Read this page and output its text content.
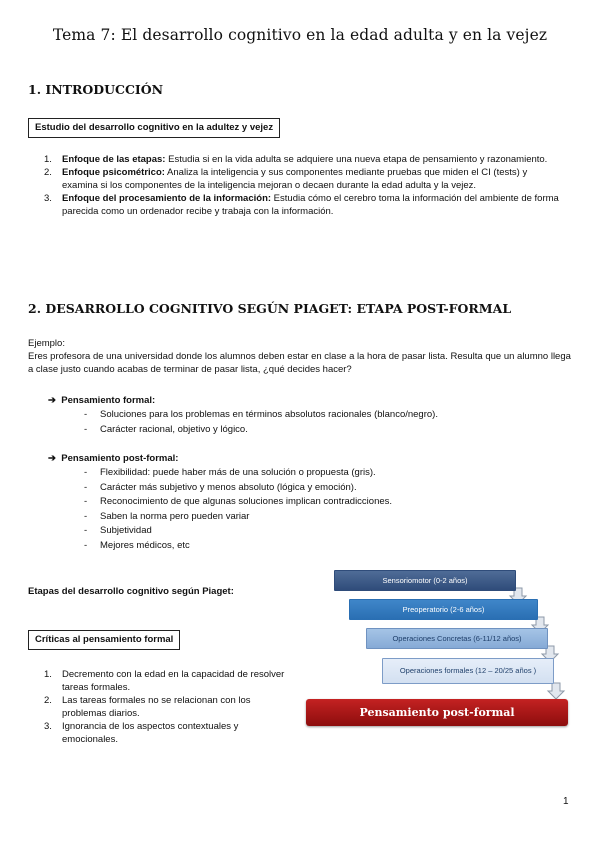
Tema 7: El desarrollo cognitivo en la edad adulta y en la vejez
1. INTRODUCCIÓN
Estudio del desarrollo cognitivo en la adultez y vejez
1. Enfoque de las etapas: Estudia si en la vida adulta se adquiere una nueva etapa de pensamiento y razonamiento.
2. Enfoque psicométrico: Analiza la inteligencia y sus componentes mediante pruebas que miden el CI (tests) y examina si los componentes de la inteligencia mejoran o decaen durante la edad adulta y la vejez.
3. Enfoque del procesamiento de la información: Estudia cómo el cerebro toma la información del ambiente de forma parecida como un ordenador recibe y trabaja con la información.
2. DESARROLLO COGNITIVO SEGÚN PIAGET: ETAPA POST-FORMAL
Ejemplo:
Eres profesora de una universidad donde los alumnos deben estar en clase a la hora de pasar lista. Resulta que un alumno llega a clase justo cuando acabas de terminar de pasar lista, ¿qué decides hacer?
➔ Pensamiento formal:
- Soluciones para los problemas en términos absolutos racionales (blanco/negro).
- Carácter racional, objetivo y lógico.
➔ Pensamiento post-formal:
- Flexibilidad: puede haber más de una solución o propuesta (gris).
- Carácter más subjetivo y menos absoluto (lógica y emoción).
- Reconocimiento de que algunas soluciones implican contradicciones.
- Saben la norma pero pueden variar
- Subjetividad
- Mejores médicos, etc
Etapas del desarrollo cognitivo según Piaget:
Críticas al pensamiento formal
1. Decremento con la edad en la capacidad de resolver tareas formales.
2. Las tareas formales no se relacionan con los problemas diarios.
3. Ignorancia de los aspectos contextuales y emocionales.
Sensoriomotor (0-2 años)
Preoperatorio (2-6 años)
Operaciones Concretas (6-11/12 años)
Operaciones formales (12 – 20/25 años )
Pensamiento post-formal
1
